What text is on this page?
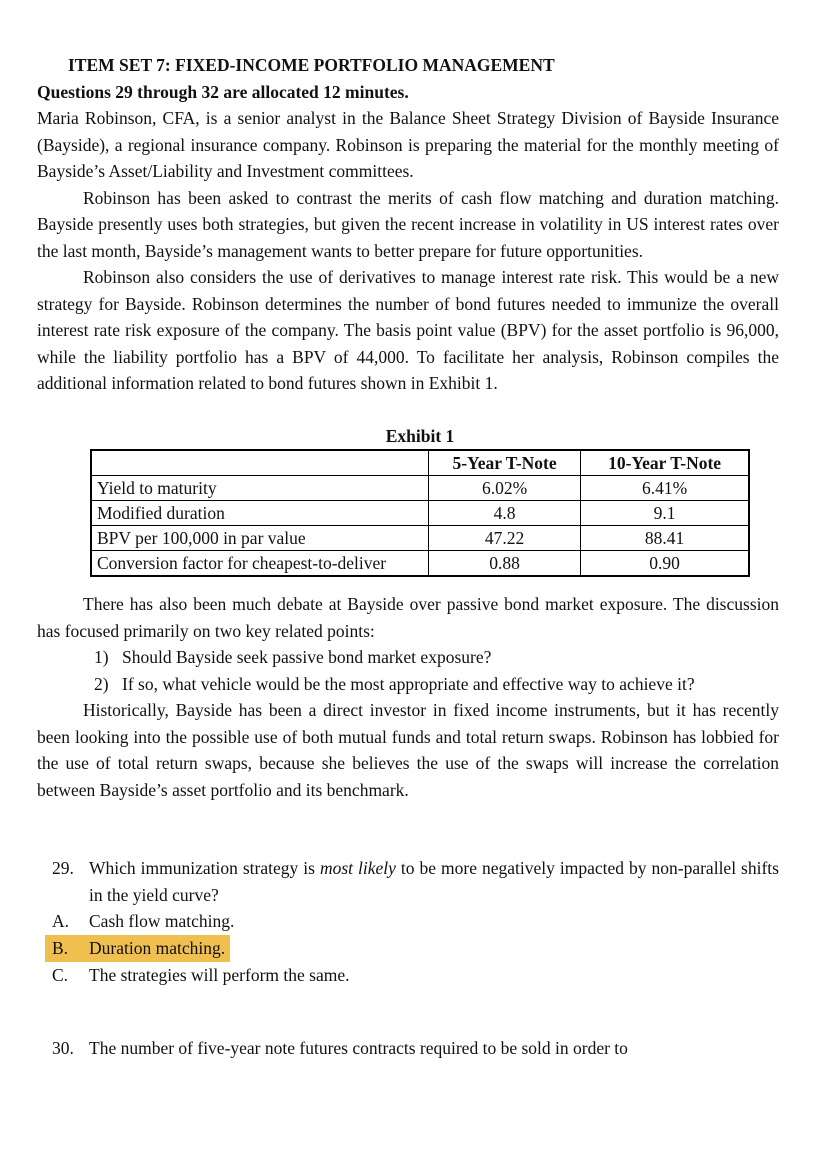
ITEM SET 7: FIXED-INCOME PORTFOLIO MANAGEMENT
Questions 29 through 32 are allocated 12 minutes.

Maria Robinson, CFA, is a senior analyst in the Balance Sheet Strategy Division of Bayside Insurance (Bayside), a regional insurance company. Robinson is preparing the material for the monthly meeting of Bayside’s Asset/Liability and Investment committees.

Robinson has been asked to contrast the merits of cash flow matching and duration matching. Bayside presently uses both strategies, but given the recent increase in volatility in US interest rates over the last month, Bayside’s management wants to better prepare for future opportunities.

Robinson also considers the use of derivatives to manage interest rate risk. This would be a new strategy for Bayside. Robinson determines the number of bond futures needed to immunize the overall interest rate risk exposure of the company. The basis point value (BPV) for the asset portfolio is 96,000, while the liability portfolio has a BPV of 44,000. To facilitate her analysis, Robinson compiles the additional information related to bond futures shown in Exhibit 1.

Exhibit 1
	5-Year T-Note	10-Year T-Note
Yield to maturity	6.02%	6.41%
Modified duration	4.8	9.1
BPV per 100,000 in par value	47.22	88.41
Conversion factor for cheapest-to-deliver	0.88	0.90

There has also been much debate at Bayside over passive bond market exposure. The discussion has focused primarily on two key related points:

1) Should Bayside seek passive bond market exposure?
2) If so, what vehicle would be the most appropriate and effective way to achieve it?

Historically, Bayside has been a direct investor in fixed income instruments, but it has recently been looking into the possible use of both mutual funds and total return swaps. Robinson has lobbied for the use of total return swaps, because she believes the use of the swaps will increase the correlation between Bayside’s asset portfolio and its benchmark.

29. Which immunization strategy is most likely to be more negatively impacted by non-parallel shifts in the yield curve?
A. Cash flow matching.
B. Duration matching.
C. The strategies will perform the same.
30. The number of five-year note futures contracts required to be sold in order to
